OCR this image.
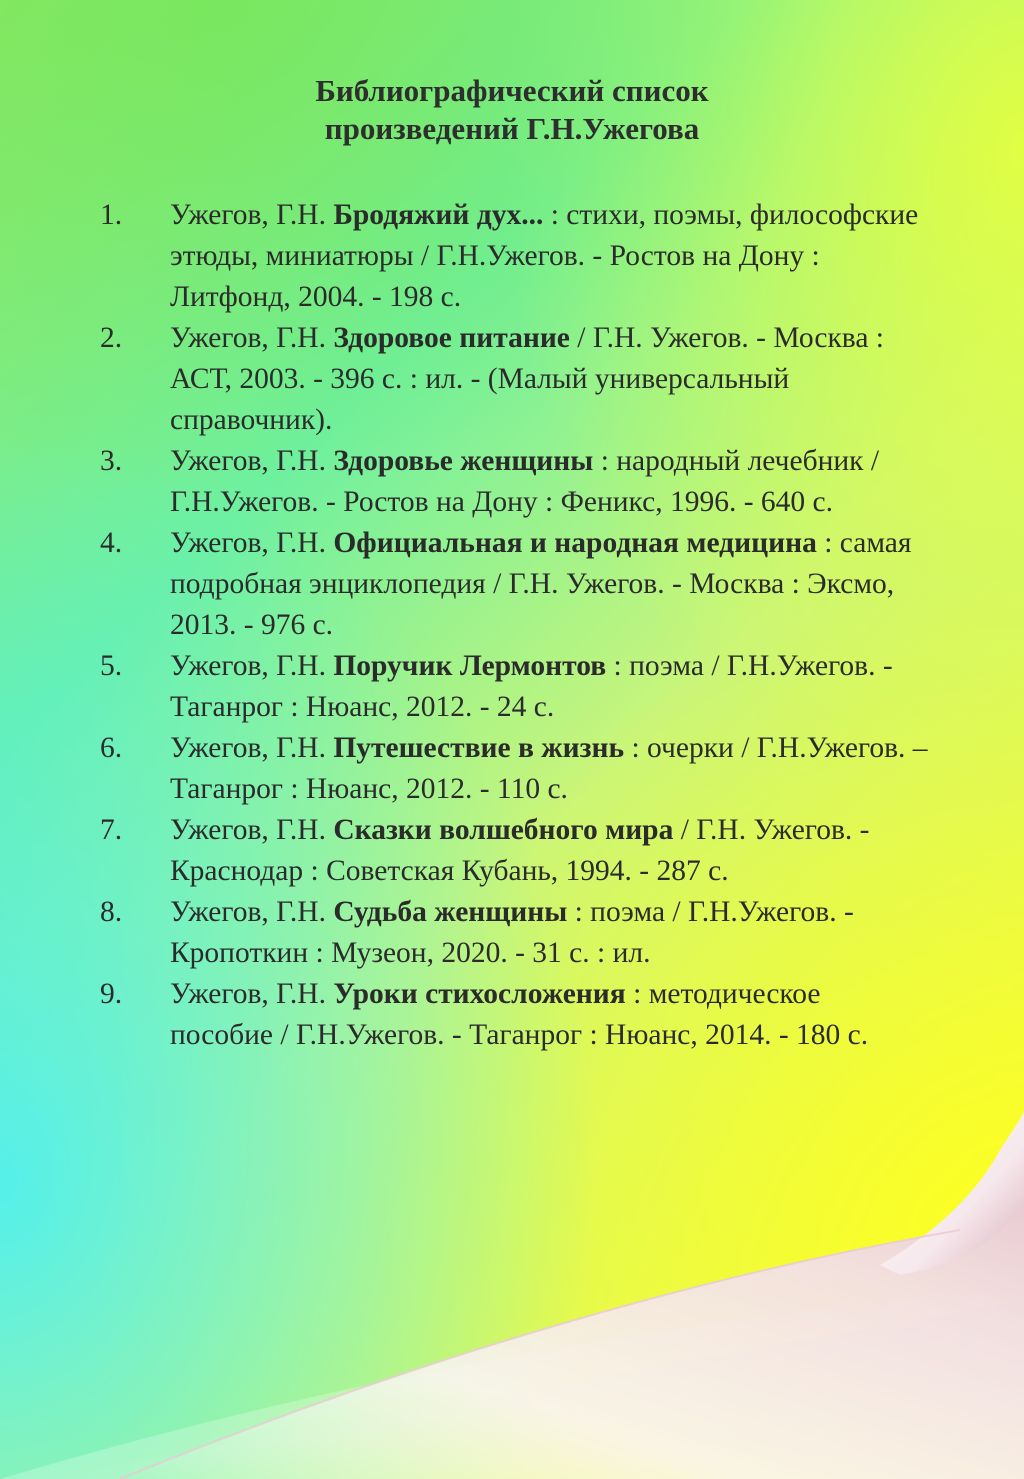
Библиографический список
произведений Г.Н.Ужегова
1.	Ужегов, Г.Н. Бродяжий дух... : стихи, поэмы, философские этюды, миниатюры / Г.Н.Ужегов. - Ростов на Дону : Литфонд, 2004. - 198 с.
2.	Ужегов, Г.Н. Здоровое питание / Г.Н. Ужегов. - Москва : АСТ, 2003. - 396 с. : ил. - (Малый универсальный справочник).
3.	Ужегов, Г.Н. Здоровье женщины : народный лечебник / Г.Н.Ужегов. - Ростов на Дону : Феникс, 1996. - 640 с.
4.	Ужегов, Г.Н. Официальная и народная медицина : самая подробная энциклопедия / Г.Н. Ужегов. - Москва : Эксмо, 2013. - 976 с.
5.	Ужегов, Г.Н. Поручик Лермонтов : поэма / Г.Н.Ужегов. - Таганрог : Нюанс, 2012. - 24 с.
6.	Ужегов, Г.Н. Путешествие в жизнь : очерки / Г.Н.Ужегов. – Таганрог : Нюанс, 2012. - 110 с.
7.	Ужегов, Г.Н. Сказки волшебного мира / Г.Н. Ужегов. - Краснодар : Советская Кубань, 1994. - 287 с.
8.	Ужегов, Г.Н. Судьба женщины : поэма / Г.Н.Ужегов. - Кропоткин : Музеон, 2020. - 31 с. : ил.
9.	Ужегов, Г.Н. Уроки стихосложения : методическое пособие / Г.Н.Ужегов. - Таганрог : Нюанс, 2014. - 180 с.
